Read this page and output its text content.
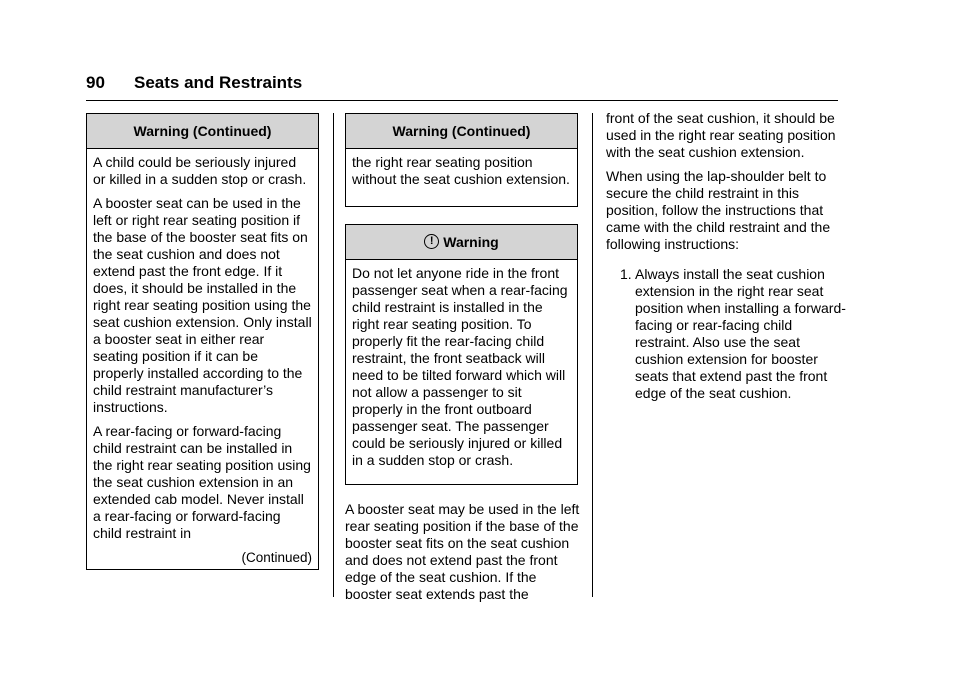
90 Seats and Restraints
Warning (Continued)

A child could be seriously injured or killed in a sudden stop or crash.

A booster seat can be used in the left or right rear seating position if the base of the booster seat fits on the seat cushion and does not extend past the front edge. If it does, it should be installed in the right rear seating position using the seat cushion extension. Only install a booster seat in either rear seating position if it can be properly installed according to the child restraint manufacturer’s instructions.

A rear-facing or forward-facing child restraint can be installed in the right rear seating position using the seat cushion extension in an extended cab model. Never install a rear-facing or forward-facing child restraint in

(Continued)
Warning (Continued)

the right rear seating position without the seat cushion extension.

! Warning

Do not let anyone ride in the front passenger seat when a rear-facing child restraint is installed in the right rear seating position. To properly fit the rear-facing child restraint, the front seatback will need to be tilted forward which will not allow a passenger to sit properly in the front outboard passenger seat. The passenger could be seriously injured or killed in a sudden stop or crash.

A booster seat may be used in the left rear seating position if the base of the booster seat fits on the seat cushion and does not extend past the front edge of the seat cushion. If the booster seat extends past the

front of the seat cushion, it should be used in the right rear seating position with the seat cushion extension.

When using the lap-shoulder belt to secure the child restraint in this position, follow the instructions that came with the child restraint and the following instructions:

1. Always install the seat cushion extension in the right rear seat position when installing a forward-facing or rear-facing child restraint. Also use the seat cushion extension for booster seats that extend past the front edge of the seat cushion.
